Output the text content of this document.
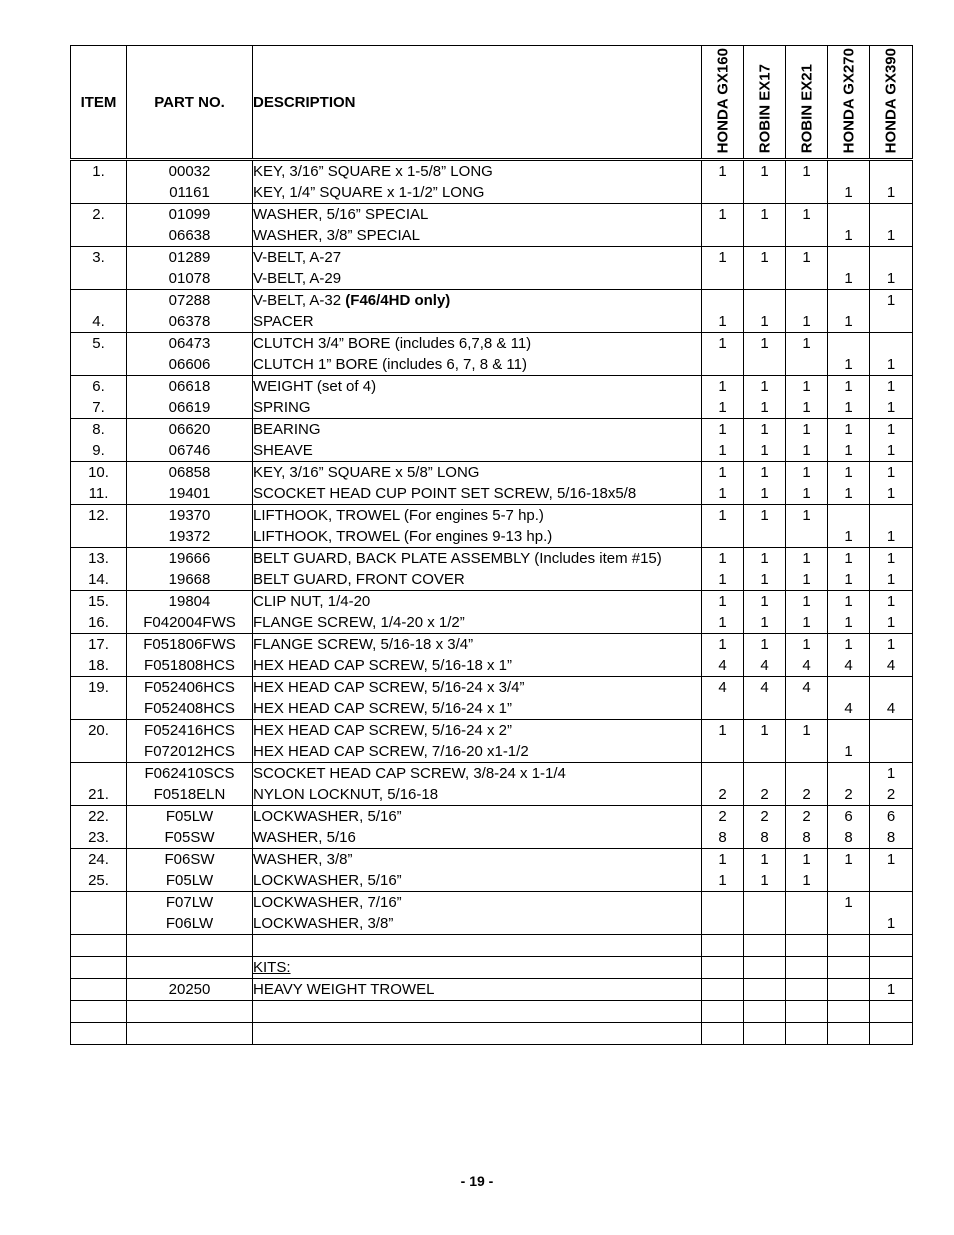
ITEM	PART NO.	DESCRIPTION	HONDA GX160	ROBIN EX17	ROBIN EX21	HONDA GX270	HONDA GX390

1.	00032	KEY, 3/16” SQUARE x 1-5/8” LONG	1	1	1		
	01161	KEY, 1/4” SQUARE x 1-1/2” LONG				1	1
2.	01099	WASHER, 5/16” SPECIAL	1	1	1		
	06638	WASHER, 3/8” SPECIAL				1	1
3.	01289	V-BELT, A-27	1	1	1		
	01078	V-BELT, A-29				1	1
	07288	V-BELT, A-32 (F46/4HD only)					1
4.	06378	SPACER	1	1	1	1	
5.	06473	CLUTCH 3/4” BORE (includes 6,7,8 & 11)	1	1	1		
	06606	CLUTCH 1” BORE (includes 6, 7, 8 & 11)				1	1
6.	06618	WEIGHT (set of 4)	1	1	1	1	1
7.	06619	SPRING	1	1	1	1	1
8.	06620	BEARING	1	1	1	1	1
9.	06746	SHEAVE	1	1	1	1	1
10.	06858	KEY, 3/16” SQUARE x 5/8” LONG	1	1	1	1	1
11.	19401	SCOCKET HEAD CUP POINT SET SCREW, 5/16-18x5/8	1	1	1	1	1
12.	19370	LIFTHOOK, TROWEL (For engines 5-7 hp.)	1	1	1		
	19372	LIFTHOOK, TROWEL (For engines 9-13 hp.)				1	1
13.	19666	BELT GUARD, BACK PLATE ASSEMBLY (Includes item #15)	1	1	1	1	1
14.	19668	BELT GUARD, FRONT COVER	1	1	1	1	1
15.	19804	CLIP NUT, 1/4-20	1	1	1	1	1
16.	F042004FWS	FLANGE SCREW, 1/4-20 x 1/2”	1	1	1	1	1
17.	F051806FWS	FLANGE SCREW, 5/16-18 x 3/4”	1	1	1	1	1
18.	F051808HCS	HEX HEAD CAP SCREW, 5/16-18 x 1”	4	4	4	4	4
19.	F052406HCS	HEX HEAD CAP SCREW, 5/16-24 x 3/4”	4	4	4		
	F052408HCS	HEX HEAD CAP SCREW, 5/16-24 x 1”				4	4
20.	F052416HCS	HEX HEAD CAP SCREW, 5/16-24 x 2”	1	1	1		
	F072012HCS	HEX HEAD CAP SCREW, 7/16-20 x1-1/2				1	
	F062410SCS	SCOCKET HEAD CAP SCREW, 3/8-24 x 1-1/4					1
21.	F0518ELN	NYLON LOCKNUT, 5/16-18	2	2	2	2	2
22.	F05LW	LOCKWASHER, 5/16”	2	2	2	6	6
23.	F05SW	WASHER, 5/16	8	8	8	8	8
24.	F06SW	WASHER, 3/8”	1	1	1	1	1
25.	F05LW	LOCKWASHER, 5/16”	1	1	1		
	F07LW	LOCKWASHER, 7/16”				1	
	F06LW	LOCKWASHER, 3/8”					1

		KITS:					
	20250	HEAVY WEIGHT TROWEL					1

- 19 -
